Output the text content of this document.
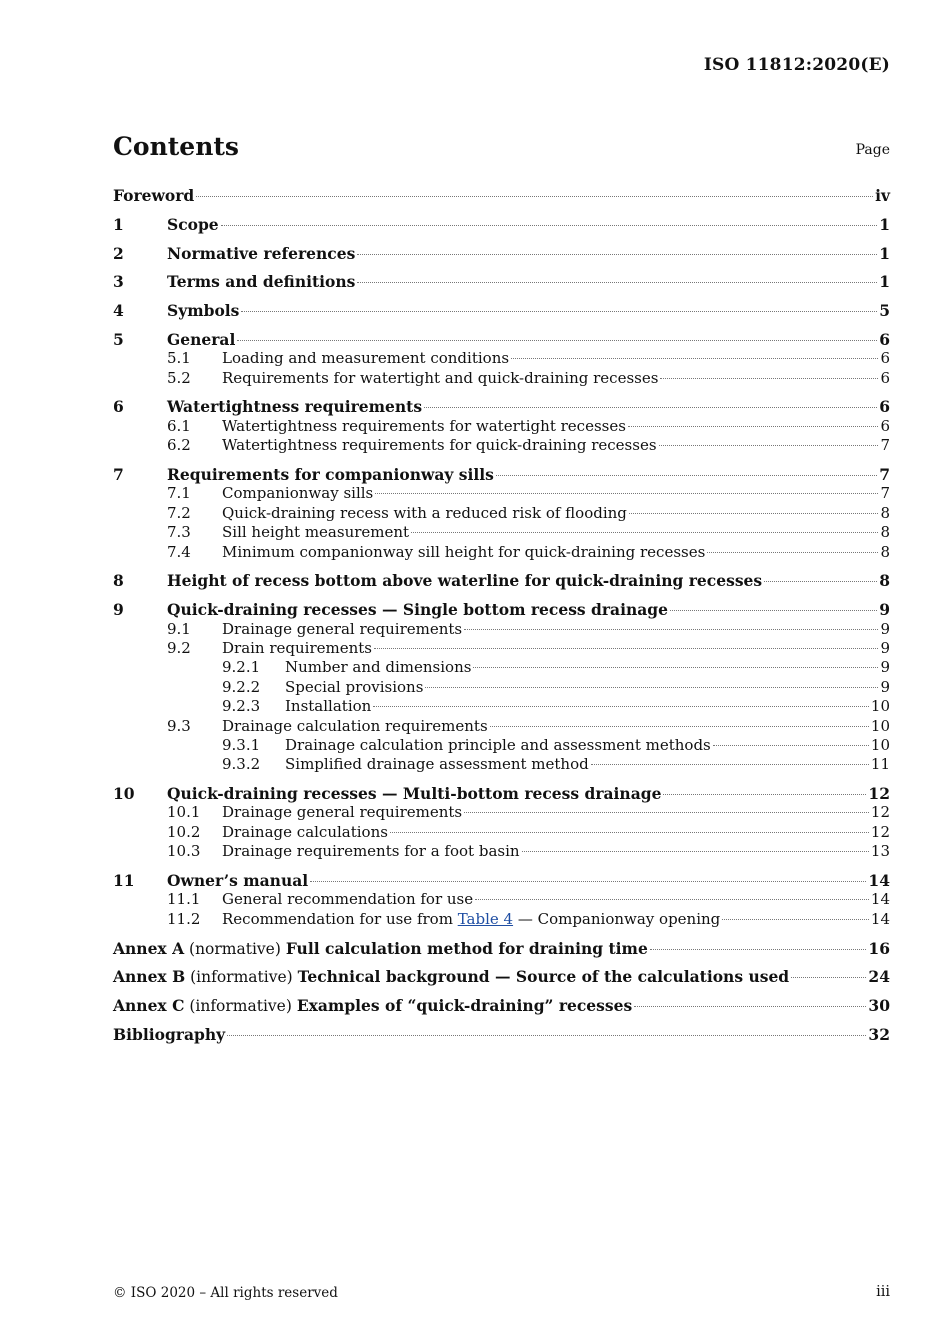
ISO 11812:2020(E)
Contents	Page
Foreword	iv
1	Scope	1
2	Normative references	1
3	Terms and definitions	1
4	Symbols	5
5	General	6
5.1	Loading and measurement conditions	6
5.2	Requirements for watertight and quick-draining recesses	6
6	Watertightness requirements	6
6.1	Watertightness requirements for watertight recesses	6
6.2	Watertightness requirements for quick-draining recesses	7
7	Requirements for companionway sills	7
7.1	Companionway sills	7
7.2	Quick-draining recess with a reduced risk of flooding	8
7.3	Sill height measurement	8
7.4	Minimum companionway sill height for quick-draining recesses	8
8	Height of recess bottom above waterline for quick-draining recesses	8
9	Quick-draining recesses — Single bottom recess drainage	9
9.1	Drainage general requirements	9
9.2	Drain requirements	9
9.2.1	Number and dimensions	9
9.2.2	Special provisions	9
9.2.3	Installation	10
9.3	Drainage calculation requirements	10
9.3.1	Drainage calculation principle and assessment methods	10
9.3.2	Simplified drainage assessment method	11
10	Quick-draining recesses — Multi-bottom recess drainage	12
10.1	Drainage general requirements	12
10.2	Drainage calculations	12
10.3	Drainage requirements for a foot basin	13
11	Owner’s manual	14
11.1	General recommendation for use	14
11.2	Recommendation for use from Table 4 — Companionway opening	14
Annex A (normative) Full calculation method for draining time	16
Annex B (informative) Technical background — Source of the calculations used	24
Annex C (informative) Examples of “quick-draining” recesses	30
Bibliography	32
© ISO 2020 – All rights reserved	iii
